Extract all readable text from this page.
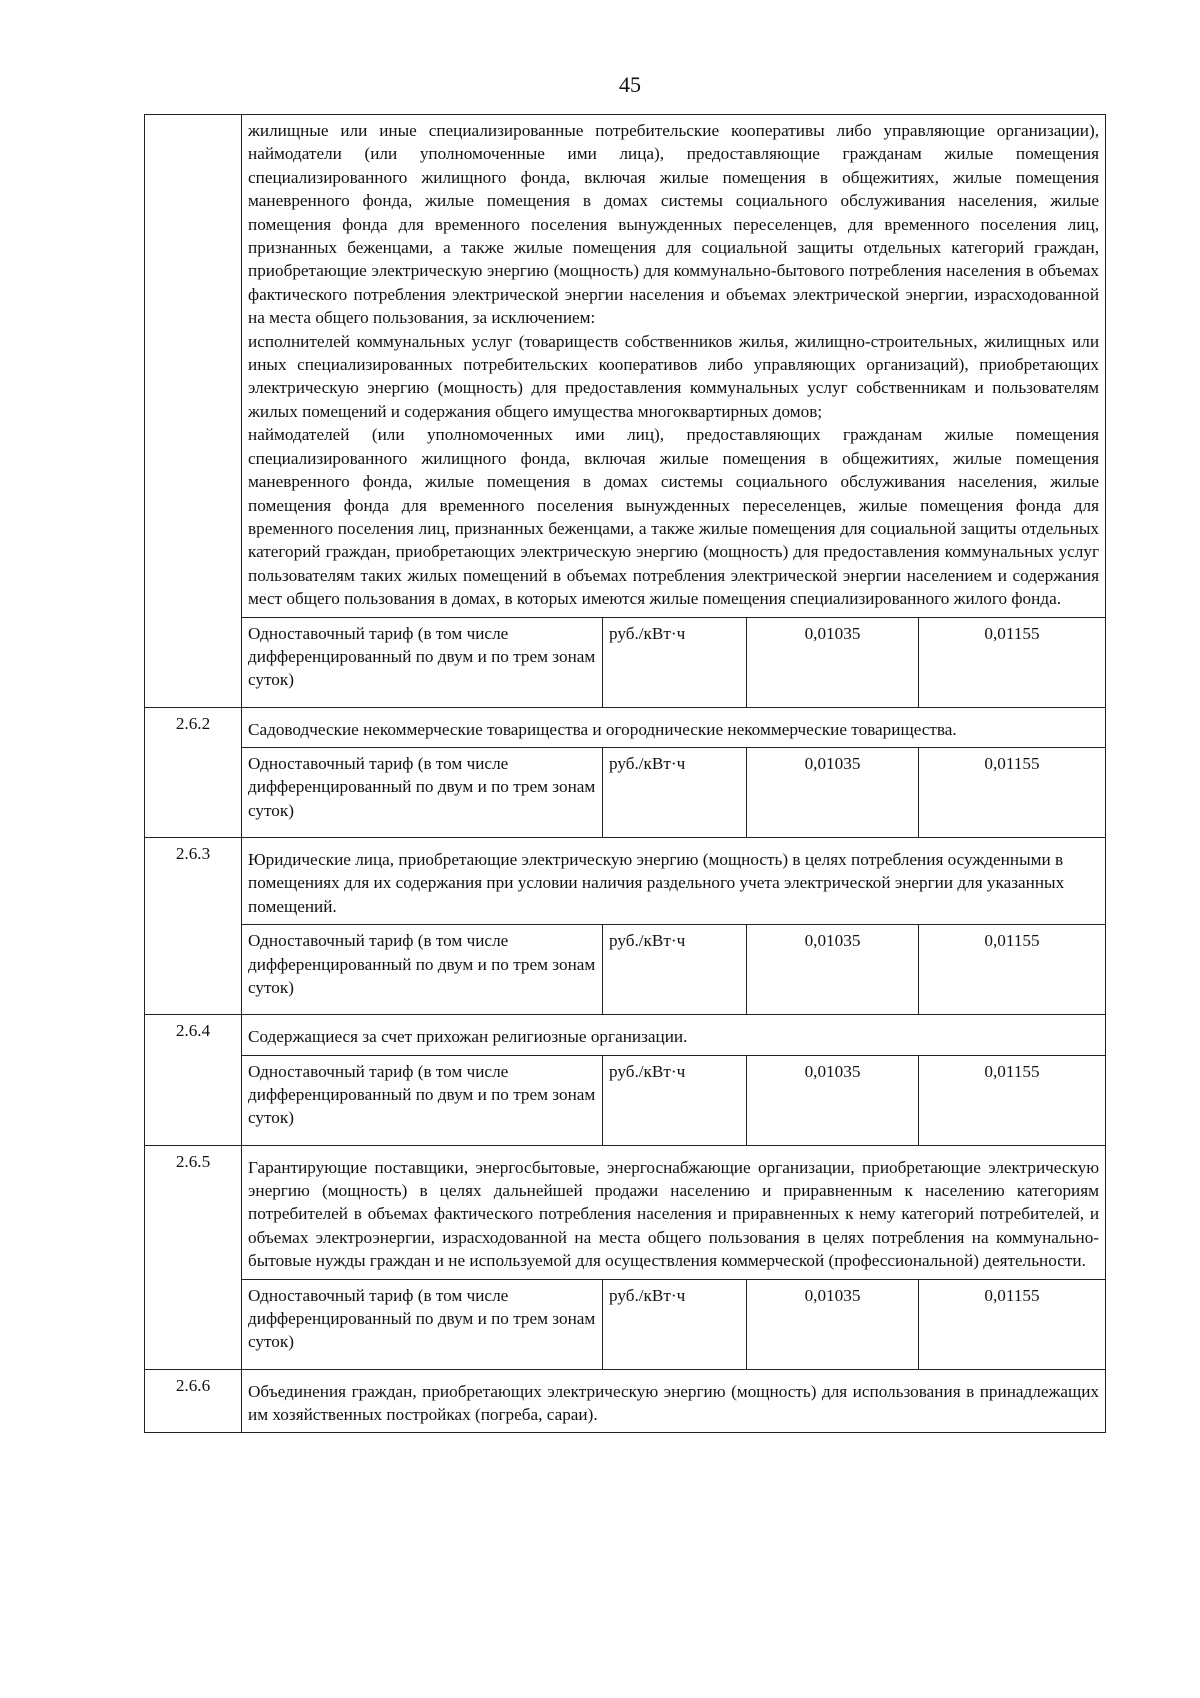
45

	жилищные или иные специализированные потребительские кооперативы либо управляющие организации), наймодатели (или уполномоченные ими лица), предоставляющие гражданам жилые помещения специализированного жилищного фонда, включая жилые помещения в общежитиях, жилые помещения маневренного фонда, жилые помещения в домах системы социального обслуживания населения, жилые помещения фонда для временного поселения вынужденных переселенцев, для временного поселения лиц, признанных беженцами, а также жилые помещения для социальной защиты отдельных категорий граждан, приобретающие электрическую энергию (мощность) для коммунально-бытового потребления населения в объемах фактического потребления электрической энергии населения и объемах электрической энергии, израсходованной на места общего пользования, за исключением:
исполнителей коммунальных услуг (товариществ собственников жилья, жилищно-строительных, жилищных или иных специализированных потребительских кооперативов либо управляющих организаций), приобретающих электрическую энергию (мощность) для предоставления коммунальных услуг собственникам и пользователям жилых помещений и содержания общего имущества многоквартирных домов;
наймодателей (или уполномоченных ими лиц), предоставляющих гражданам жилые помещения специализированного жилищного фонда, включая жилые помещения в общежитиях, жилые помещения маневренного фонда, жилые помещения в домах системы социального обслуживания населения, жилые помещения фонда для временного поселения вынужденных переселенцев, жилые помещения фонда для временного поселения лиц, признанных беженцами, а также жилые помещения для социальной защиты отдельных категорий граждан, приобретающих электрическую энергию (мощность) для предоставления коммунальных услуг пользователям таких жилых помещений в объемах потребления электрической энергии населением и содержания мест общего пользования в домах, в которых имеются жилые помещения специализированного жилого фонда.			

	Одноставочный тариф (в том числе дифференцированный по двум и по трем зонам суток)	руб./кВт·ч	0,01035	0,01155
2.6.2	Садоводческие некоммерческие товарищества и огороднические некоммерческие товарищества.			
	Одноставочный тариф (в том числе дифференцированный по двум и по трем зонам суток)	руб./кВт·ч	0,01035	0,01155
2.6.3	Юридические лица, приобретающие электрическую энергию (мощность) в целях потребления осужденными в помещениях для их содержания при условии наличия раздельного учета электрической энергии для указанных помещений.			
	Одноставочный тариф (в том числе дифференцированный по двум и по трем зонам суток)	руб./кВт·ч	0,01035	0,01155
2.6.4	Содержащиеся за счет прихожан религиозные организации.			
	Одноставочный тариф (в том числе дифференцированный по двум и по трем зонам суток)	руб./кВт·ч	0,01035	0,01155
2.6.5	Гарантирующие поставщики, энергосбытовые, энергоснабжающие организации, приобретающие электрическую энергию (мощность) в целях дальнейшей продажи населению и приравненным к населению категориям потребителей в объемах фактического потребления населения и приравненных к нему категорий потребителей, и объемах электроэнергии, израсходованной на места общего пользования в целях потребления на коммунально-бытовые нужды граждан и не используемой для осуществления коммерческой (профессиональной) деятельности.			
	Одноставочный тариф (в том числе дифференцированный по двум и по трем зонам суток)	руб./кВт·ч	0,01035	0,01155
2.6.6	Объединения граждан, приобретающих электрическую энергию (мощность) для использования в принадлежащих им хозяйственных постройках (погреба, сараи).			
